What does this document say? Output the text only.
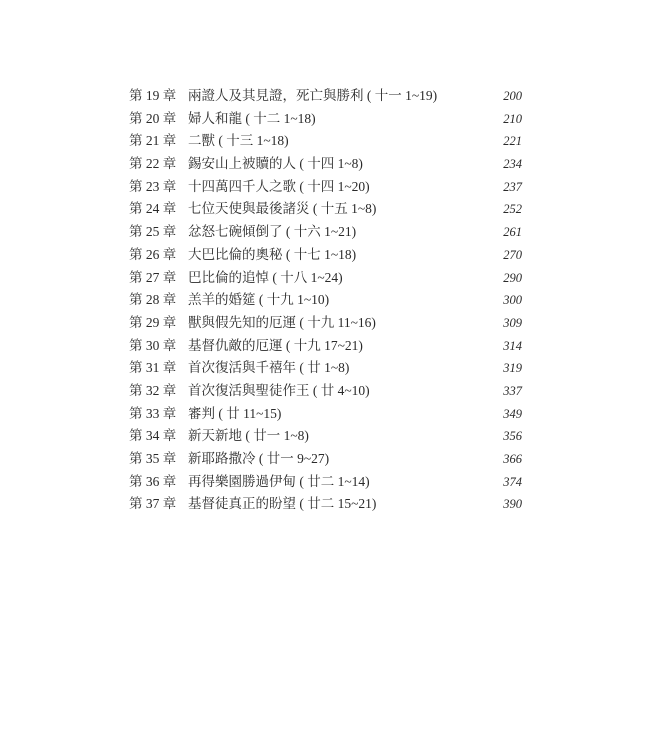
第 19 章 兩證人及其見證，死亡與勝利 ( 十一 1~19)	200
第 20 章 婦人和龍 ( 十二 1~18)	210
第 21 章 二獸 ( 十三 1~18)	221
第 22 章 錫安山上被贖的人 ( 十四 1~8)	234
第 23 章 十四萬四千人之歌 ( 十四 1~20)	237
第 24 章 七位天使與最後諸災 ( 十五 1~8)	252
第 25 章 忿怒七碗傾倒了 ( 十六 1~21)	261
第 26 章 大巴比倫的奧秘 ( 十七 1~18)	270
第 27 章 巴比倫的追悼 ( 十八 1~24)	290
第 28 章 羔羊的婚筵 ( 十九 1~10)	300
第 29 章 獸與假先知的厄運 ( 十九 11~16)	309
第 30 章 基督仇敵的厄運 ( 十九 17~21)	314
第 31 章 首次復活與千禧年 ( 廿 1~8)	319
第 32 章 首次復活與聖徒作王 ( 廿 4~10)	337
第 33 章 審判 ( 廿 11~15)	349
第 34 章 新天新地 ( 廿一 1~8)	356
第 35 章 新耶路撒冷 ( 廿一 9~27)	366
第 36 章 再得樂園勝過伊甸 ( 廿二 1~14)	374
第 37 章 基督徒真正的盼望 ( 廿二 15~21)	390
